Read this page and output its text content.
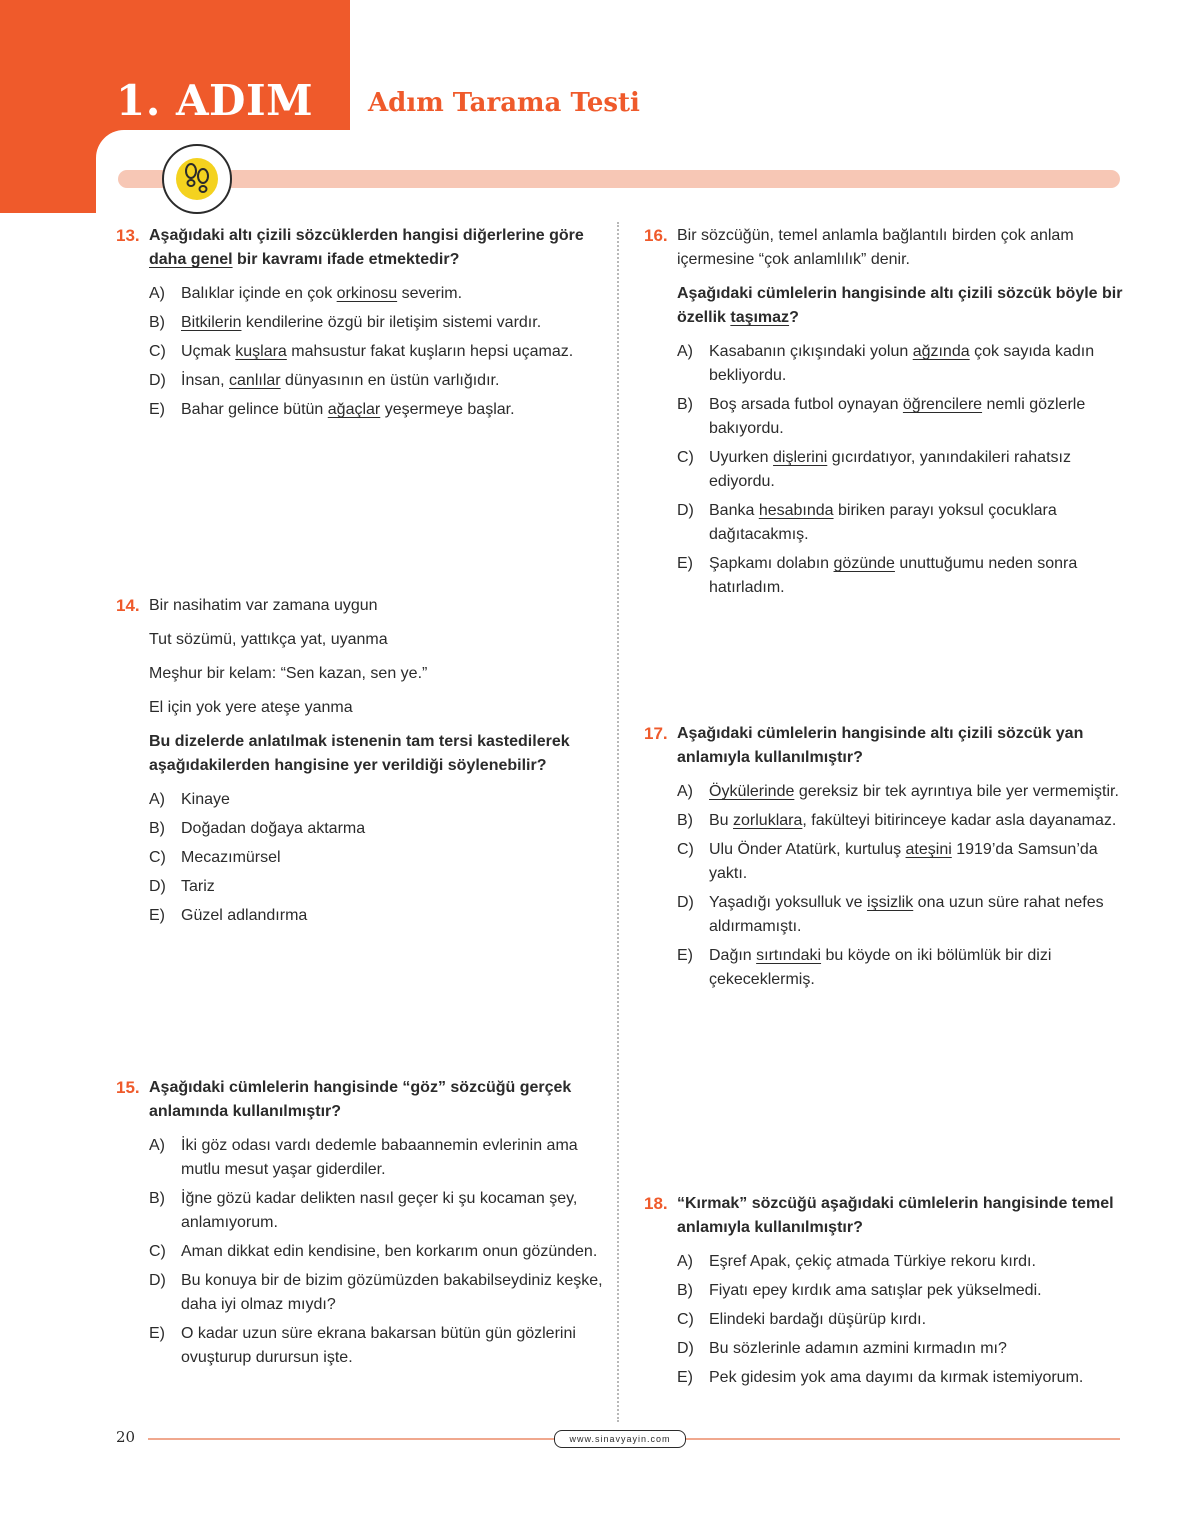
1. ADIM Adım Tarama Testi
13. Aşağıdaki altı çizili sözcüklerden hangisi diğerlerine göre daha genel bir kavramı ifade etmektedir?

A)	Balıklar içinde en çok orkinosu severim.
B)	Bitkilerin kendilerine özgü bir iletişim sistemi vardır.
C) Uçmak kuşlara mahsustur fakat kuşların hepsi uçamaz.
D) İnsan, canlılar dünyasının en üstün varlığıdır.
E)	Bahar gelince bütün ağaçlar yeşermeye başlar.
14. Bir nasihatim var zamana uygun

Tut sözümü, yattıkça yat, uyanma

Meşhur bir kelam: “Sen kazan, sen ye.”

El için yok yere ateşe yanma

Bu dizelerde anlatılmak istenenin tam tersi kastedilerek aşağıdakilerden hangisine yer verildiği söylenebilir?

A)	Kinaye
B)	Doğadan doğaya aktarma
C) Mecazımürsel
D) Tariz
E)	Güzel adlandırma
15. Aşağıdaki cümlelerin hangisinde “göz” sözcüğü gerçek anlamında kullanılmıştır?

A)	İki göz odası vardı dedemle babaannemin evlerinin ama mutlu mesut yaşar giderdiler.
B)	İğne gözü kadar delikten nasıl geçer ki şu kocaman şey, anlamıyorum.
C) Aman dikkat edin kendisine, ben korkarım onun gözünden.
D) Bu konuya bir de bizim gözümüzden bakabilseydiniz keşke, daha iyi olmaz mıydı?
E)	O kadar uzun süre ekrana bakarsan bütün gün gözlerini ovuşturup durursun işte.
16. Bir sözcüğün, temel anlamla bağlantılı birden çok anlam içermesine “çok anlamlılık” denir.

Aşağıdaki cümlelerin hangisinde altı çizili sözcük böyle bir özellik taşımaz?

A)	Kasabanın çıkışındaki yolun ağzında çok sayıda kadın bekliyordu.
B)	Boş arsada futbol oynayan öğrencilere nemli gözlerle bakıyordu.
C) Uyurken dişlerini gıcırdatıyor, yanındakileri rahatsız ediyordu.
D) Banka hesabında biriken parayı yoksul çocuklara dağıtacakmış.
E)	Şapkamı dolabın gözünde unuttuğumu neden sonra hatırladım.
17. Aşağıdaki cümlelerin hangisinde altı çizili sözcük yan anlamıyla kullanılmıştır?

A)	Öykülerinde gereksiz bir tek ayrıntıya bile yer vermemiştir.
B)	Bu zorluklara, fakülteyi bitirinceye kadar asla dayanamaz.
C) Ulu Önder Atatürk, kurtuluş ateşini 1919’da Samsun’da yaktı.
D) Yaşadığı yoksulluk ve işsizlik ona uzun süre rahat nefes aldırmamıştı.
E)	Dağın sırtındaki bu köyde on iki bölümlük bir dizi çekeceklermiş.
18. “Kırmak” sözcüğü aşağıdaki cümlelerin hangisinde temel anlamıyla kullanılmıştır?

A)	Eşref Apak, çekiç atmada Türkiye rekoru kırdı.
B)	Fiyatı epey kırdık ama satışlar pek yükselmedi.
C) Elindeki bardağı düşürüp kırdı.
D) Bu sözlerinle adamın azmini kırmadın mı?
E)	Pek gidesim yok ama dayımı da kırmak istemiyorum.
20	www.sinavyayin.com
